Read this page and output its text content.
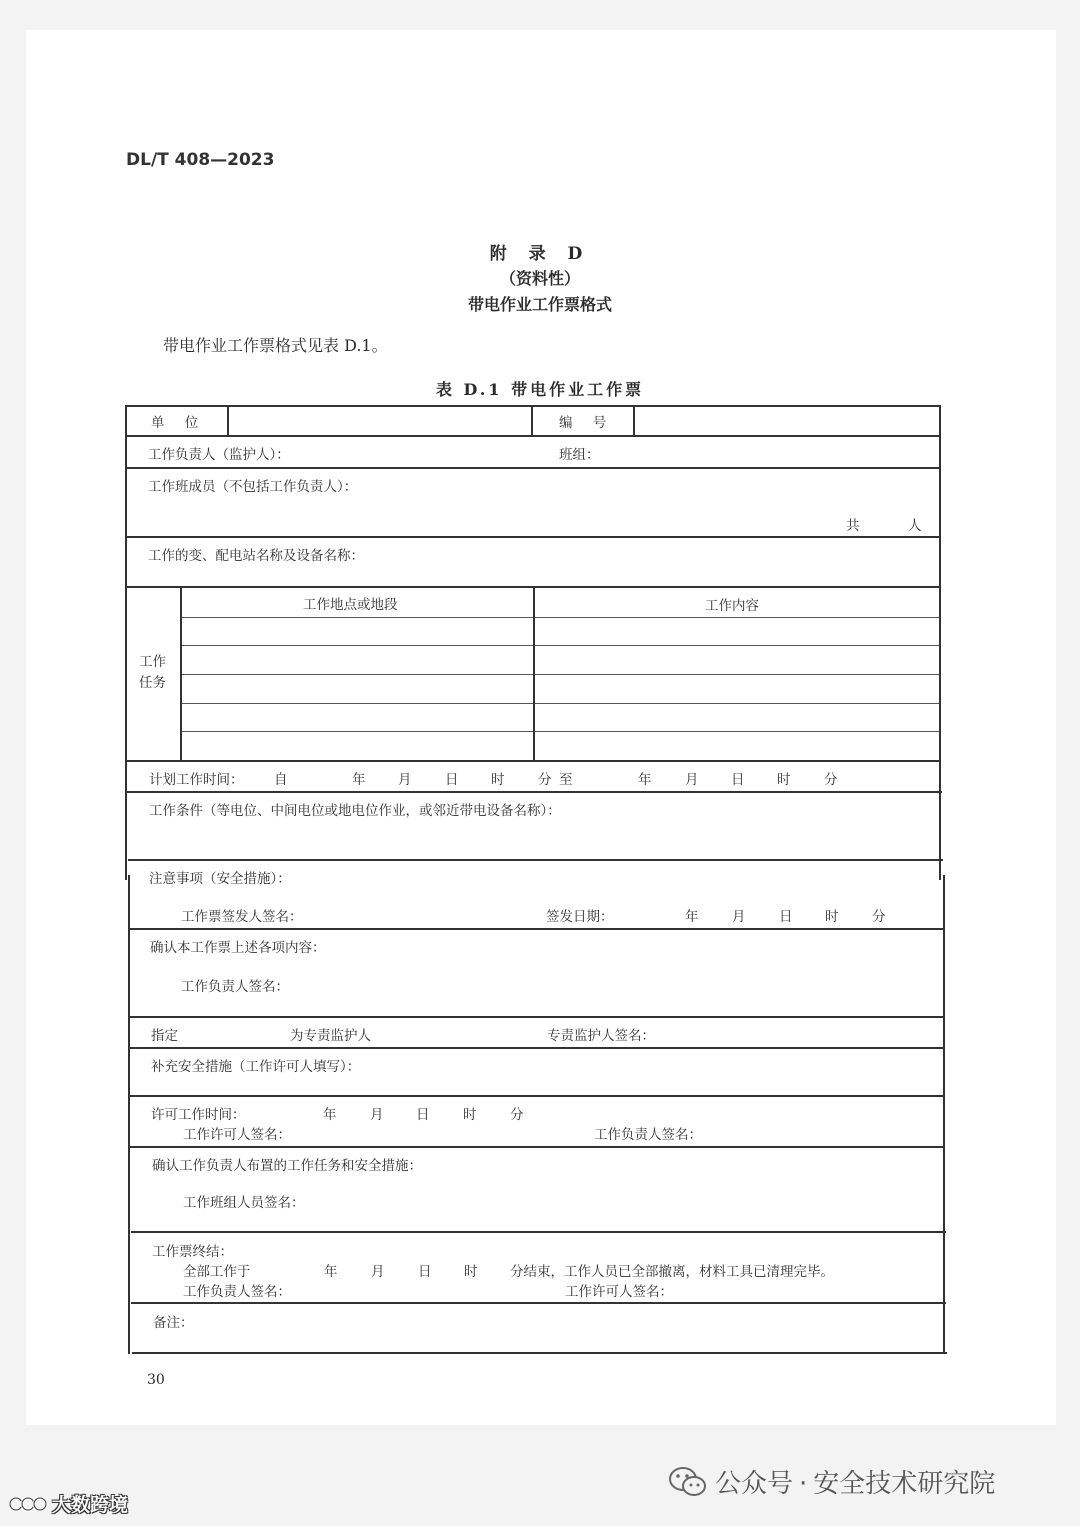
DL/T 408—2023
附 录 D
（资料性）
带电作业工作票格式
带电作业工作票格式见表 D.1。
表 D.1 带电作业工作票
单 位	编 号
工作负责人（监护人）：	班组：
工作班成员（不包括工作负责人）：
共	人
工作的变、配电站名称及设备名称：
工作
任务
工作地点或地段	工作内容
计划工作时间： 自	年 月 日 时 分 至	年 月 日 时 分
工作条件（等电位、中间电位或地电位作业，或邻近带电设备名称）：
注意事项（安全措施）：
工作票签发人签名：	签发日期：	年 月 日 时 分
确认本工作票上述各项内容：
工作负责人签名：
指定	为专责监护人	专责监护人签名：
补充安全措施（工作许可人填写）：
许可工作时间：	年 月 日 时 分
工作许可人签名：	工作负责人签名：
确认工作负责人布置的工作任务和安全措施：
工作班组人员签名：
工作票终结：
全部工作于	年 月 日 时 分结束，工作人员已全部撤离，材料工具已清理完毕。
工作负责人签名：	工作许可人签名：
备注：
30
公众号 · 安全技术研究院
大数跨境
